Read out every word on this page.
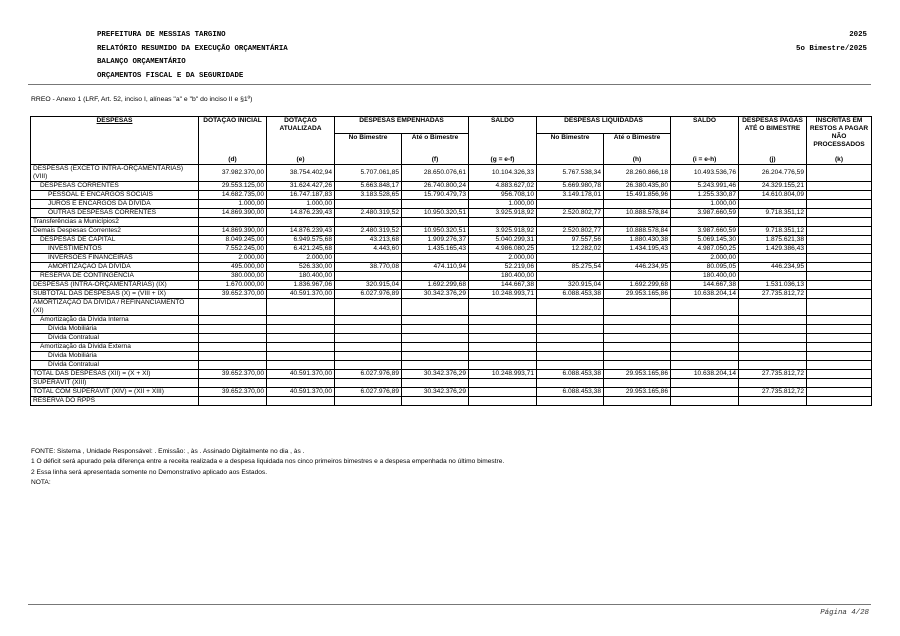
PREFEITURA DE MESSIAS TARGINO	2025
RELATÓRIO RESUMIDO DA EXECUÇÃO ORÇAMENTÁRIA	5o Bimestre/2025
BALANÇO ORÇAMENTÁRIO
ORÇAMENTOS FISCAL E DA SEGURIDADE
RREO - Anexo 1 (LRF, Art. 52, inciso I, alíneas "a" e "b" do inciso II e §1º)
DESPESAS	DOTAÇÃO INICIAL	DOTAÇÃO ATUALIZADA	DESPESAS EMPENHADAS		SALDO	DESPESAS LIQUIDADAS		SALDO	DESPESAS PAGAS ATÉ O BIMESTRE	INSCRITAS EM RESTOS A PAGAR NÃO PROCESSADOS
			No Bimestre	Até o Bimestre		No Bimestre	Até o Bimestre			
	(d)	(e)		(f)	(g = e-f)		(h)	(i = e-h)	(j)	(k)
DESPESAS (EXCETO INTRA-ORÇAMENTÁRIAS) (VIII)	37.982.370,00	38.754.402,94	5.707.061,85	28.650.076,61	10.104.326,33	5.767.538,34	28.260.866,18	10.493.536,76	26.204.776,59	
DESPESAS CORRENTES	29.553.125,00	31.624.427,26	5.663.848,17	26.740.800,24	4.883.627,02	5.669.980,78	26.380.435,80	5.243.991,46	24.329.155,21	
PESSOAL E ENCARGOS SOCIAIS	14.682.735,00	16.747.187,83	3.183.528,65	15.790.479,73	956.708,10	3.149.178,01	15.491.856,96	1.255.330,87	14.610.804,09	
JUROS E ENCARGOS DA DÍVIDA	1.000,00	1.000,00			1.000,00			1.000,00		
OUTRAS DESPESAS CORRENTES	14.869.390,00	14.876.239,43	2.480.319,52	10.950.320,51	3.925.918,92	2.520.802,77	10.888.578,84	3.987.660,59	9.718.351,12	
Transferências a Municípios2										
Demais Despesas Correntes2	14.869.390,00	14.876.239,43	2.480.319,52	10.950.320,51	3.925.918,92	2.520.802,77	10.888.578,84	3.987.660,59	9.718.351,12	
DESPESAS DE CAPITAL	8.049.245,00	6.949.575,68	43.213,68	1.909.276,37	5.040.299,31	97.557,56	1.880.430,38	5.069.145,30	1.875.621,38	
INVESTIMENTOS	7.552.245,00	6.421.245,68	4.443,60	1.435.165,43	4.986.080,25	12.282,02	1.434.195,43	4.987.050,25	1.429.386,43	
INVERSÕES FINANCEIRAS	2.000,00	2.000,00			2.000,00			2.000,00		
AMORTIZAÇÃO DA DÍVIDA	495.000,00	526.330,00	38.770,08	474.110,94	52.219,06	85.275,54	446.234,95	80.095,05	446.234,95	
RESERVA DE CONTINGÊNCIA	380.000,00	180.400,00			180.400,00			180.400,00		
DESPESAS (INTRA-ORÇAMENTÁRIAS) (IX)	1.670.000,00	1.836.967,06	320.915,04	1.692.299,68	144.667,38	320.915,04	1.692.299,68	144.667,38	1.531.036,13	
SUBTOTAL DAS DESPESAS (X) = (VIII + IX)	39.652.370,00	40.591.370,00	6.027.976,89	30.342.376,29	10.248.993,71	6.088.453,38	29.953.165,86	10.638.204,14	27.735.812,72	
AMORTIZAÇÃO DA DÍVIDA / REFINANCIAMENTO (XI)										
Amortização da Dívida Interna										
Dívida Mobiliária										
Dívida Contratual										
Amortização da Dívida Externa										
Dívida Mobiliária										
Dívida Contratual										
TOTAL DAS DESPESAS (XII) = (X + XI)	39.652.370,00	40.591.370,00	6.027.976,89	30.342.376,29	10.248.993,71	6.088.453,38	29.953.165,86	10.638.204,14	27.735.812,72	
SUPERÁVIT (XIII)										
TOTAL COM SUPERÁVIT (XIV) = (XII + XIII)	39.652.370,00	40.591.370,00	6.027.976,89	30.342.376,29		6.088.453,38	29.953.165,86		27.735.812,72	
RESERVA DO RPPS										
FONTE: Sistema , Unidade Responsável: . Emissão: , às . Assinado Digitalmente no dia , às .
1 O déficit será apurado pela diferença entre a receita realizada e a despesa liquidada nos cinco primeiros bimestres e a despesa empenhada no último bimestre.
2 Essa linha será apresentada somente no Demonstrativo aplicado aos Estados.
NOTA:
Página 4/28
